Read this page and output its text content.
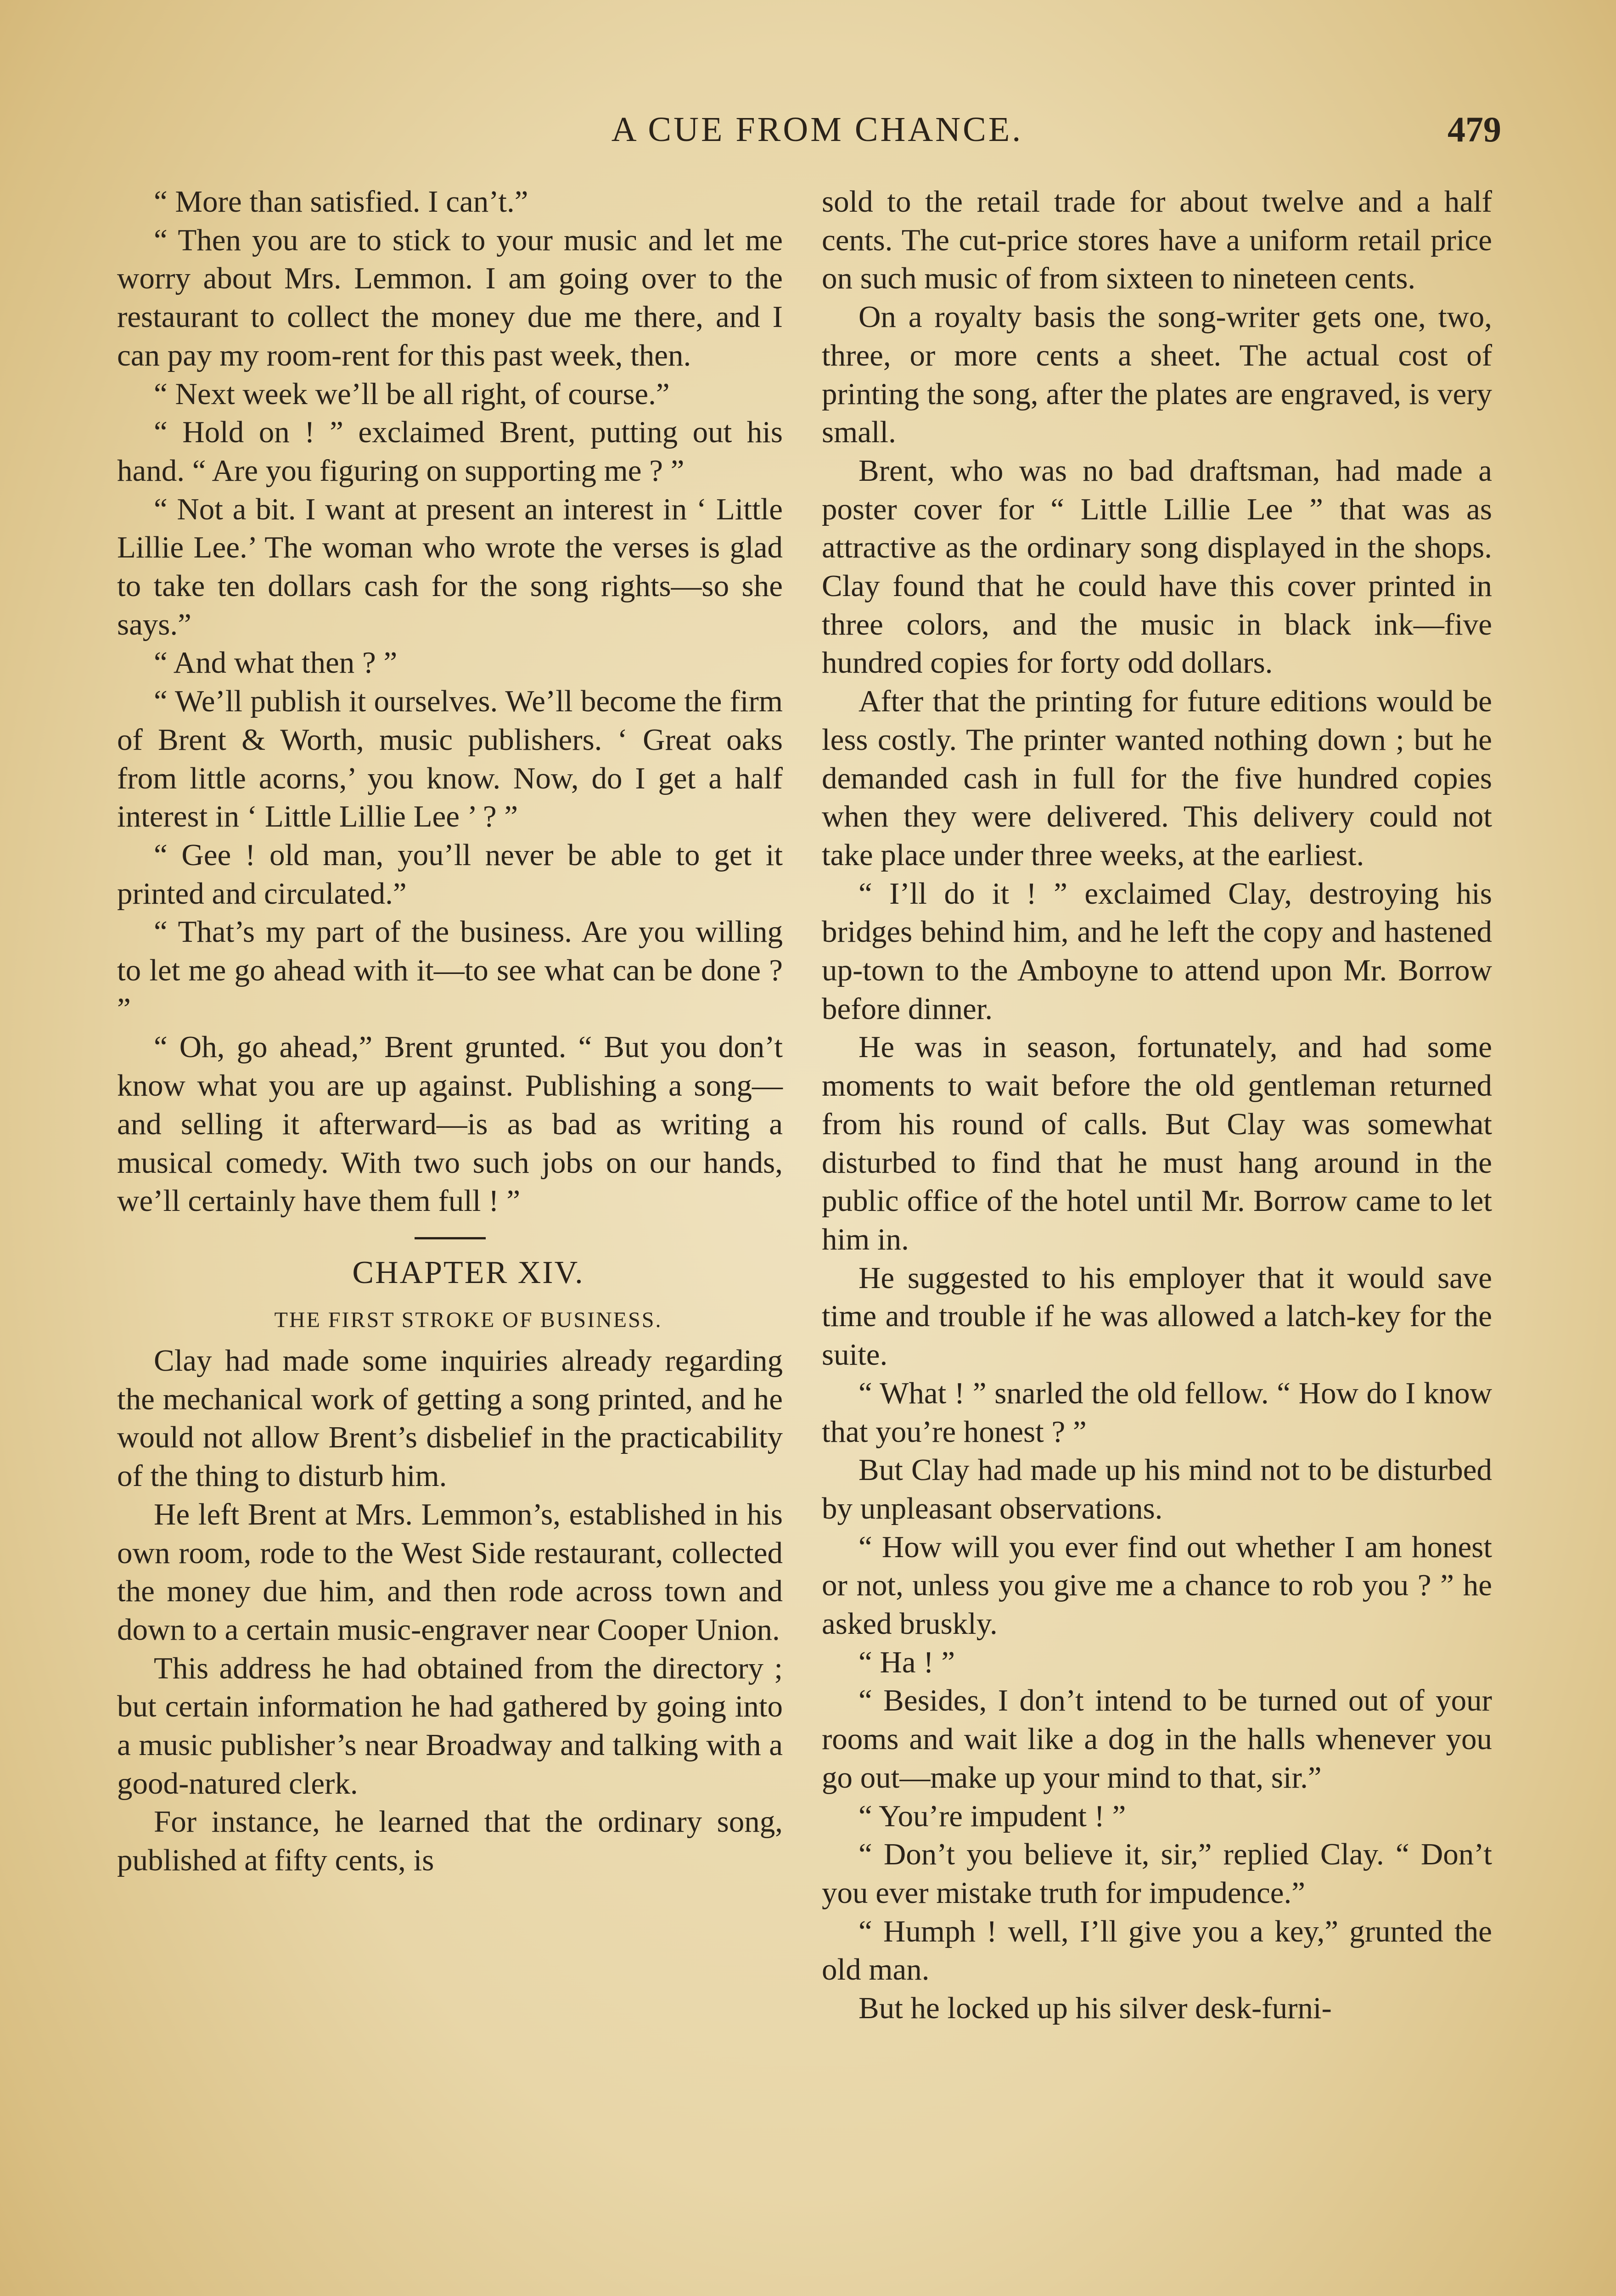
A CUE FROM CHANCE.	479

“ More than satisfied. I can’t.”

“ Then you are to stick to your music and let me worry about Mrs. Lemmon. I am going over to the restaurant to collect the money due me there, and I can pay my room-rent for this past week, then.

“ Next week we’ll be all right, of course.”

“ Hold on ! ” exclaimed Brent, putting out his hand. “ Are you figuring on supporting me ? ”

“ Not a bit. I want at present an interest in ‘ Little Lillie Lee.’ The woman who wrote the verses is glad to take ten dollars cash for the song rights—so she says.”

“ And what then ? ”

“ We’ll publish it ourselves. We’ll become the firm of Brent & Worth, music publishers. ‘ Great oaks from little acorns,’ you know. Now, do I get a half interest in ‘ Little Lillie Lee ’ ? ”

“ Gee ! old man, you’ll never be able to get it printed and circulated.”

“ That’s my part of the business. Are you willing to let me go ahead with it—to see what can be done ? ”

“ Oh, go ahead,” Brent grunted. “ But you don’t know what you are up against. Publishing a song—and selling it afterward—is as bad as writing a musical comedy. With two such jobs on our hands, we’ll certainly have them full ! ”

CHAPTER XIV.

THE FIRST STROKE OF BUSINESS.

Clay had made some inquiries already regarding the mechanical work of getting a song printed, and he would not allow Brent’s disbelief in the practicability of the thing to disturb him.

He left Brent at Mrs. Lemmon’s, established in his own room, rode to the West Side restaurant, collected the money due him, and then rode across town and down to a certain music-engraver near Cooper Union.

This address he had obtained from the directory ; but certain information he had gathered by going into a music publisher’s near Broadway and talking with a good-natured clerk.

For instance, he learned that the ordinary song, published at fifty cents, is

sold to the retail trade for about twelve and a half cents. The cut-price stores have a uniform retail price on such music of from sixteen to nineteen cents.

On a royalty basis the song-writer gets one, two, three, or more cents a sheet. The actual cost of printing the song, after the plates are engraved, is very small.

Brent, who was no bad draftsman, had made a poster cover for “ Little Lillie Lee ” that was as attractive as the ordinary song displayed in the shops. Clay found that he could have this cover printed in three colors, and the music in black ink—five hundred copies for forty odd dollars.

After that the printing for future editions would be less costly. The printer wanted nothing down ; but he demanded cash in full for the five hundred copies when they were delivered. This delivery could not take place under three weeks, at the earliest.

“ I’ll do it ! ” exclaimed Clay, destroying his bridges behind him, and he left the copy and hastened up-town to the Amboyne to attend upon Mr. Borrow before dinner.

He was in season, fortunately, and had some moments to wait before the old gentleman returned from his round of calls. But Clay was somewhat disturbed to find that he must hang around in the public office of the hotel until Mr. Borrow came to let him in.

He suggested to his employer that it would save time and trouble if he was allowed a latch-key for the suite.

“ What ! ” snarled the old fellow. “ How do I know that you’re honest ? ”

But Clay had made up his mind not to be disturbed by unpleasant observations.

“ How will you ever find out whether I am honest or not, unless you give me a chance to rob you ? ” he asked bruskly.

“ Ha ! ”

“ Besides, I don’t intend to be turned out of your rooms and wait like a dog in the halls whenever you go out—make up your mind to that, sir.”

“ You’re impudent ! ”

“ Don’t you believe it, sir,” replied Clay. “ Don’t you ever mistake truth for impudence.”

“ Humph ! well, I’ll give you a key,” grunted the old man.

But he locked up his silver desk-furni-
